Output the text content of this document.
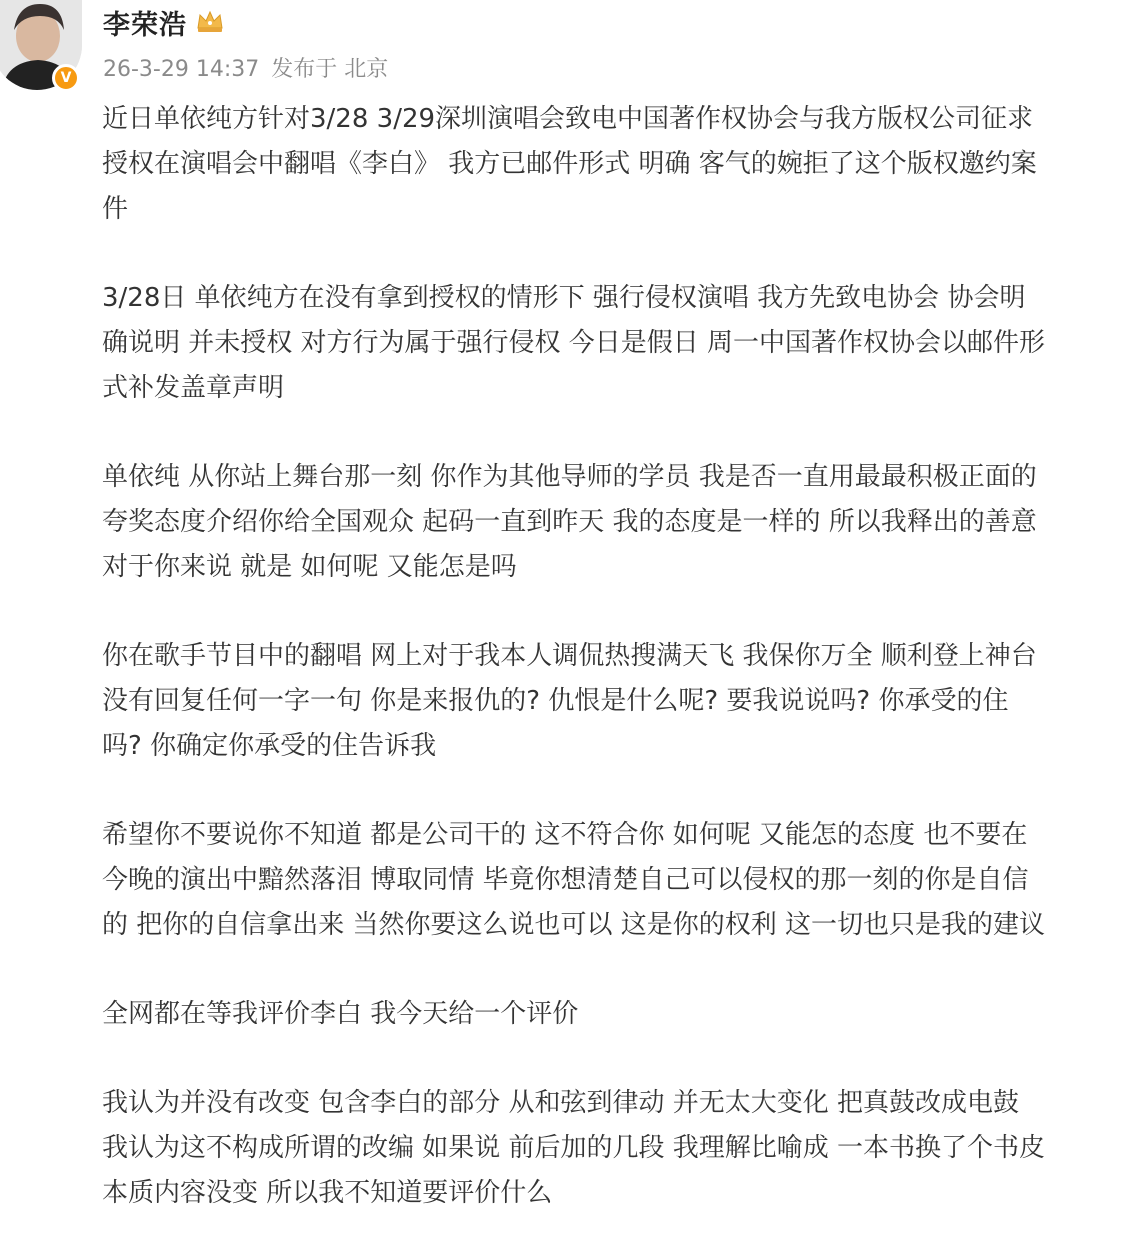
V
李荣浩
26-3-29 14:37 发布于 北京
近日单依纯方针对3/28 3/29深圳演唱会致电中国著作权协会与我方版权公司征求
授权在演唱会中翻唱《李白》 我方已邮件形式 明确 客气的婉拒了这个版权邀约案
件
3/28日 单依纯方在没有拿到授权的情形下 强行侵权演唱 我方先致电协会 协会明
确说明 并未授权 对方行为属于强行侵权 今日是假日 周一中国著作权协会以邮件形
式补发盖章声明
单依纯 从你站上舞台那一刻 你作为其他导师的学员 我是否一直用最最积极正面的
夸奖态度介绍你给全国观众 起码一直到昨天 我的态度是一样的 所以我释出的善意
对于你来说 就是 如何呢 又能怎是吗
你在歌手节目中的翻唱 网上对于我本人调侃热搜满天飞 我保你万全 顺利登上神台
没有回复任何一字一句 你是来报仇的? 仇恨是什么呢? 要我说说吗? 你承受的住
吗? 你确定你承受的住告诉我
希望你不要说你不知道 都是公司干的 这不符合你 如何呢 又能怎的态度 也不要在
今晚的演出中黯然落泪 博取同情 毕竟你想清楚自己可以侵权的那一刻的你是自信
的 把你的自信拿出来 当然你要这么说也可以 这是你的权利 这一切也只是我的建议
全网都在等我评价李白 我今天给一个评价
我认为并没有改变 包含李白的部分 从和弦到律动 并无太大变化 把真鼓改成电鼓
我认为这不构成所谓的改编 如果说 前后加的几段 我理解比喻成 一本书换了个书皮
本质内容没变 所以我不知道要评价什么
